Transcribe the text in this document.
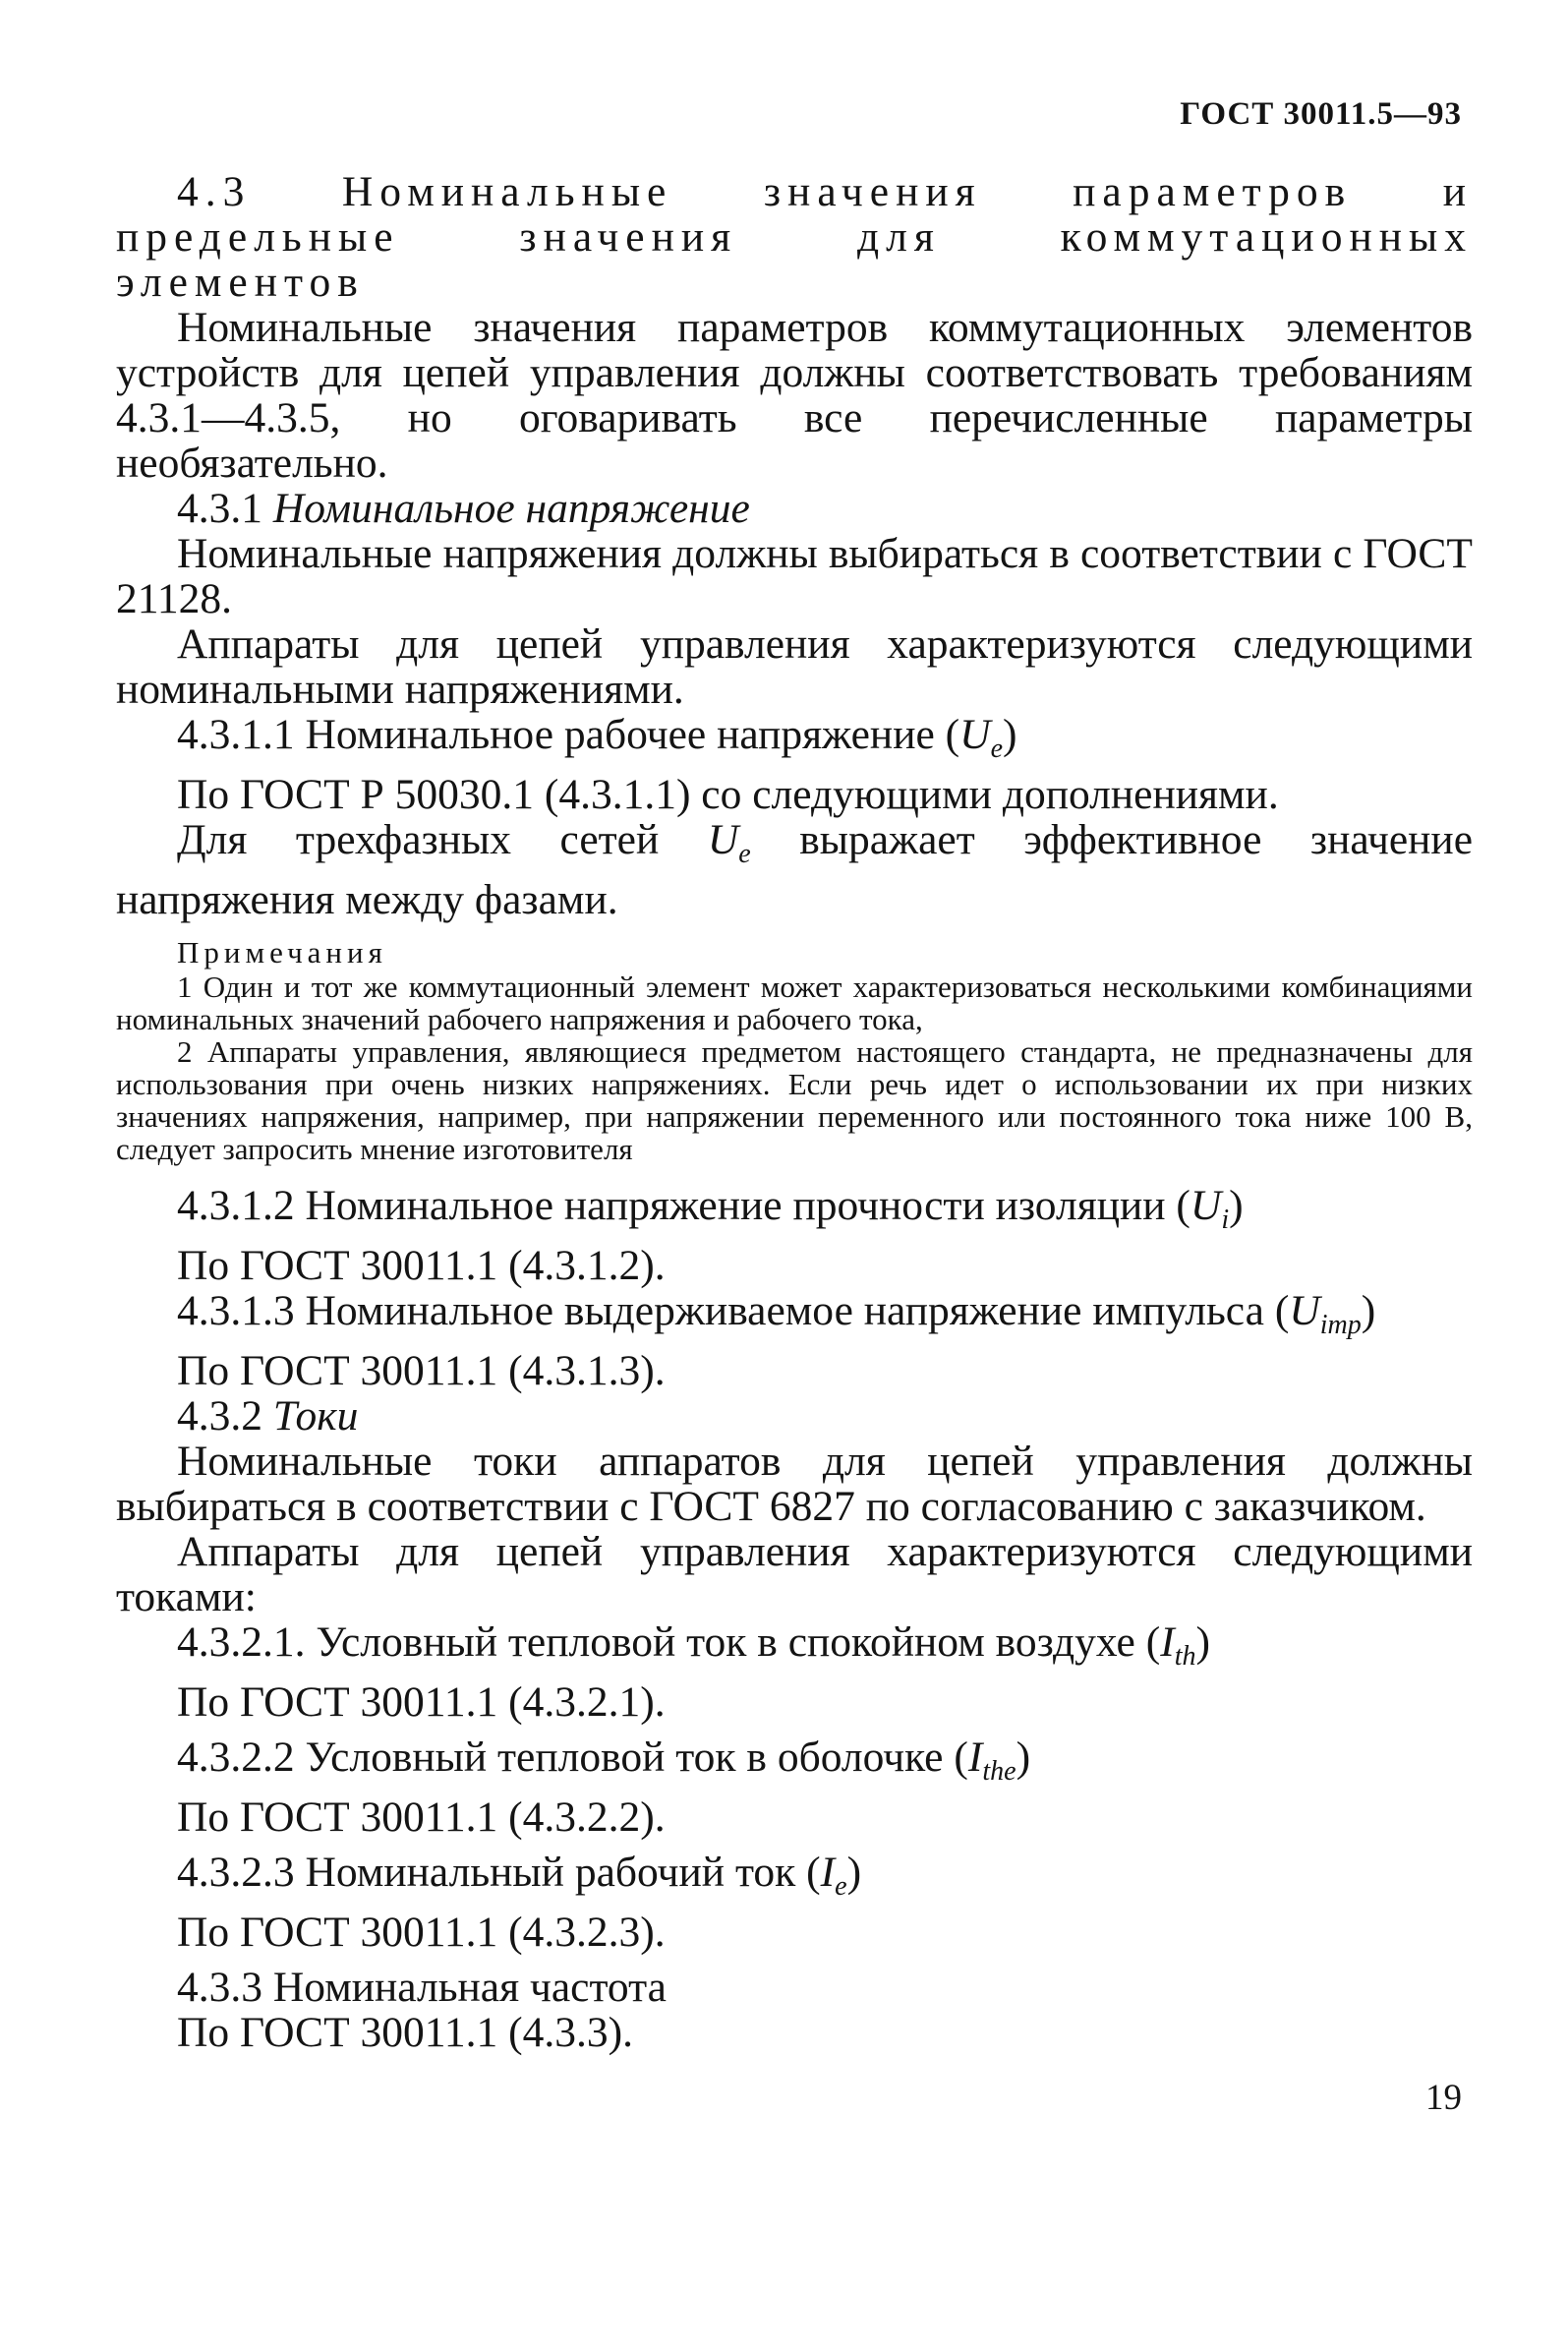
ГОСТ 30011.5—93

4.3 Номинальные значения параметров и предельные значения для коммутационных элементов

Номинальные значения параметров коммутационных элементов устройств для цепей управления должны соответствовать требованиям 4.3.1—4.3.5, но оговаривать все перечисленные параметры необязательно.

4.3.1 Номинальное напряжение

Номинальные напряжения должны выбираться в соответствии с ГОСТ 21128.

Аппараты для цепей управления характеризуются следующими номинальными напряжениями.

4.3.1.1 Номинальное рабочее напряжение $(U_e)$

По ГОСТ Р 50030.1 (4.3.1.1) со следующими дополнениями.

Для трехфазных сетей $U_e$ выражает эффективное значение напряжения между фазами.

Примечания

1 Один и тот же коммутационный элемент может характеризоваться несколькими комбинациями номинальных значений рабочего напряжения и рабочего тока,

2 Аппараты управления, являющиеся предметом настоящего стандарта, не предназначены для использования при очень низких напряжениях. Если речь идет о использовании их при низких значениях напряжения, например, при напряжении переменного или постоянного тока ниже 100 В, следует запросить мнение изготовителя

4.3.1.2 Номинальное напряжение прочности изоляции $(U_i)$

По ГОСТ 30011.1 (4.3.1.2).

4.3.1.3 Номинальное выдерживаемое напряжение импульса $(U_{imp})$

По ГОСТ 30011.1 (4.3.1.3).

4.3.2 Токи

Номинальные токи аппаратов для цепей управления должны выбираться в соответствии с ГОСТ 6827 по согласованию с заказчиком.

Аппараты для цепей управления характеризуются следующими токами:

4.3.2.1. Условный тепловой ток в спокойном воздухе $(I_{th})$

По ГОСТ 30011.1 (4.3.2.1).

4.3.2.2 Условный тепловой ток в оболочке $(I_{the})$

По ГОСТ 30011.1 (4.3.2.2).

4.3.2.3 Номинальный рабочий ток $(I_e)$

По ГОСТ 30011.1 (4.3.2.3).

4.3.3 Номинальная частота

По ГОСТ 30011.1 (4.3.3).

19
